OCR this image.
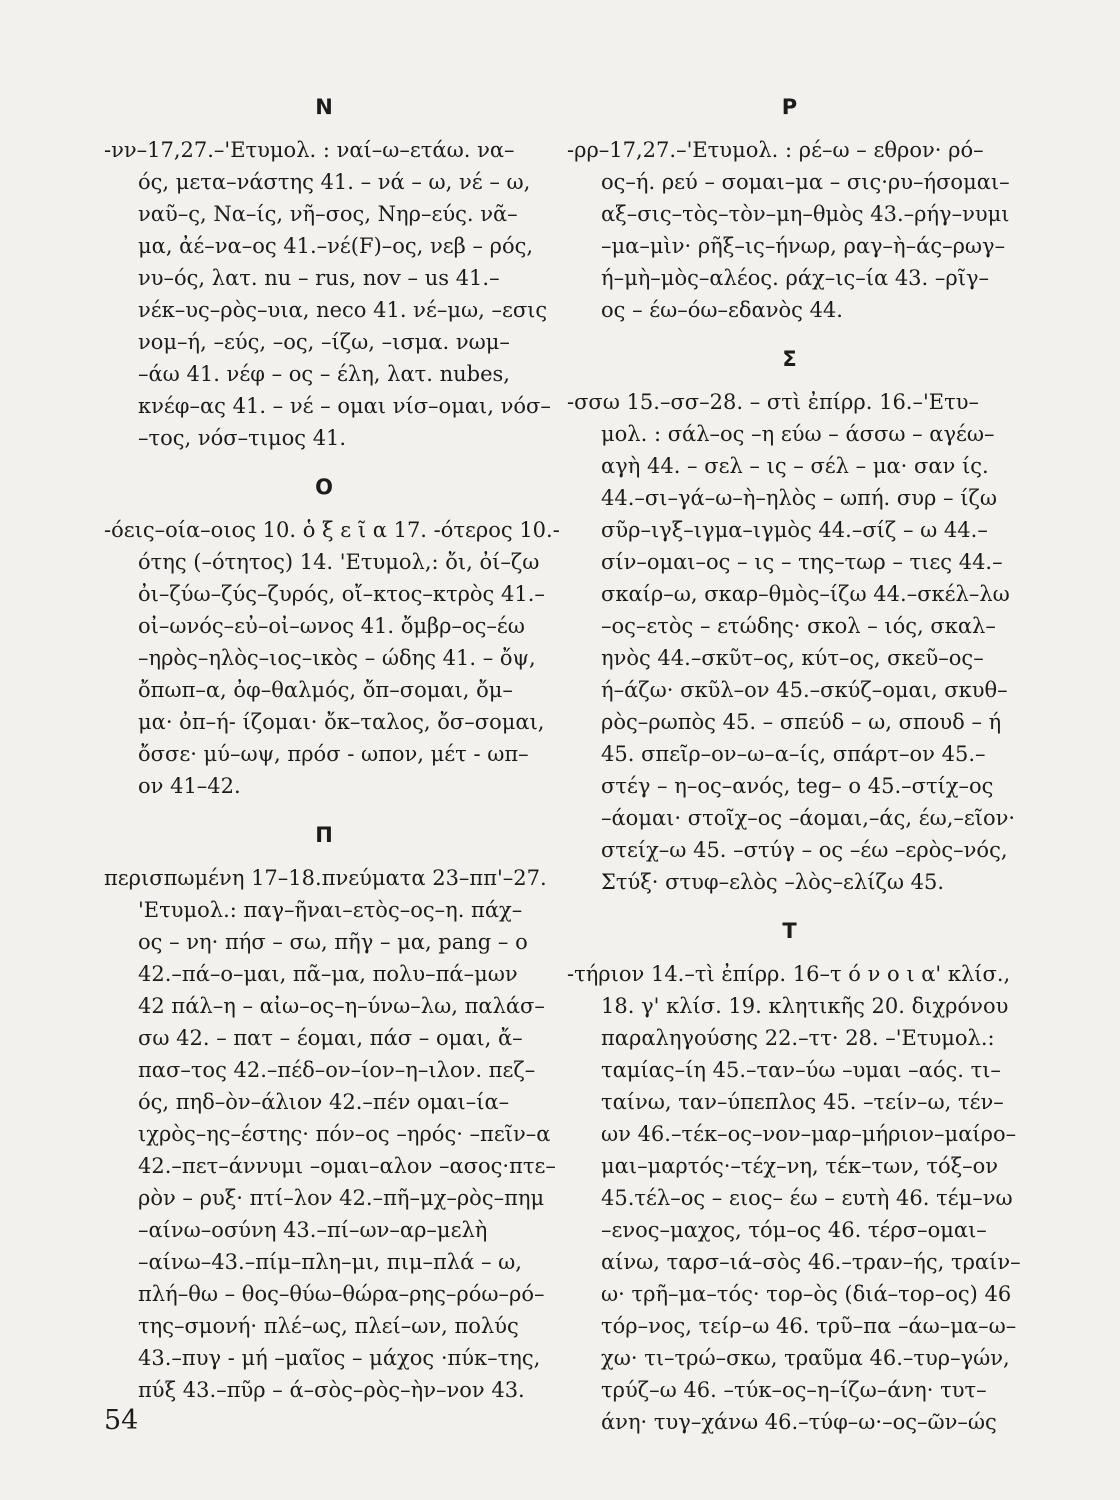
Ν
-νν–17,27.–'Ετυμολ. : ναί–ω–ετάω. να–
ός, μετα–νάστης 41. – νά – ω, νέ – ω,
ναῦ–ς, Να–ίς, νῆ–σος, Νηρ–εύς. νᾶ–
μα, ἀέ–να–ος 41.–νέ(F)–ος, νεβ – ρός,
νυ–ός, λατ. nu – rus, nov – us 41.–
νέκ–υς–ρὸς–υια, neco 41. νέ–μω, –εσις
νομ–ή, –εύς, –ος, –ίζω, –ισμα. νωμ–
–άω 41. νέφ – ος – έλη, λατ. nubes,
κνέφ–ας 41. – νέ – ομαι νίσ–ομαι, νόσ–
–τος, νόσ–τιμος 41.
Ο
-όεις–οία–οιος 10. ὁ ξ ε ῖ α 17. -ότερος 10.-
ότης (–ότητος) 14. 'Ετυμολ,: ὄι, ὀί–ζω
ὀι–ζύω–ζύς–ζυρός, οἴ–κτος–κτρὸς 41.–
οἰ–ωνός–εὐ–οἰ–ωνος 41. ὄμβρ–ος–έω
–ηρὸς–ηλὸς–ιος–ικὸς – ώδης 41. – ὄψ,
ὄπωπ–α, ὀφ–θαλμός, ὄπ–σομαι, ὄμ–
μα· ὀπ–ή- ίζομαι· ὄκ–ταλος, ὄσ–σομαι,
ὄσσε· μύ–ωψ, πρόσ - ωπον, μέτ - ωπ–
ον 41–42.
Π
περισπωμένη 17–18.πνεύματα 23–ππ'–27.
'Ετυμολ.: παγ–ῆναι–ετὸς–ος–η. πάχ–
ος – νη· πήσ – σω, πῆγ – μα, pang – o
42.–πά–ο–μαι, πᾶ–μα, πολυ–πά–μων
42 πάλ–η – αἰω–ος–η–ύνω–λω, παλάσ–
σω 42. – πατ – έομαι, πάσ – ομαι, ἄ–
πασ–τος 42.–πέδ–ον–ίον–η–ιλον. πεζ–
ός, πηδ–ὸν–άλιον 42.–πέν ομαι–ία–
ιχρὸς–ης–έστης· πόν–ος –ηρός· –πεῖν–α
42.–πετ–άννυμι –ομαι–αλον –ασος·πτε–
ρὸν – ρυξ· πτί–λον 42.–πῆ–μχ–ρὸς–πημ
–αίνω–οσύνη 43.–πί–ων–αρ–μελὴ
–αίνω–43.–πίμ–πλη–μι, πιμ–πλά – ω,
πλή–θω – θος–θύω–θώρα–ρης–ρόω–ρό–
της–σμονή· πλέ–ως, πλεί–ων, πολύς
43.–πυγ - μή –μαῖος – μάχος ·πύκ–της,
πύξ 43.–πῦρ – ά–σὸς–ρὸς–ὴν–νον 43.
Ρ
-ρρ–17,27.–'Ετυμολ. : ρέ–ω – εθρον· ρό–
ος–ή. ρεύ – σομαι–μα – σις·ρυ–ήσομαι–
αξ–σις–τὸς–τὸν–μη–θμὸς 43.–ρήγ–νυμι
–μα–μὶν· ρῆξ–ις–ήνωρ, ραγ–ὴ–άς–ρωγ–
ή–μὴ–μὸς–αλέος. ράχ–ις–ία 43. –ρῖγ–
ος – έω–όω–εδανὸς 44.
Σ
-σσω 15.–σσ–28. – στὶ ἐπίρρ. 16.–'Ετυ–
μολ. : σάλ–ος –η εύω – άσσω – αγέω–
αγὴ 44. – σελ – ις – σέλ – μα· σαν ίς.
44.–σι–γά–ω–ὴ–ηλὸς – ωπή. συρ – ίζω
σῦρ–ιγξ–ιγμα–ιγμὸς 44.–σίζ – ω 44.–
σίν–ομαι–ος – ις – της–τωρ – τιες 44.–
σκαίρ–ω, σκαρ–θμὸς–ίζω 44.–σκέλ–λω
–ος–ετὸς – ετώδης· σκολ – ιός, σκαλ–
ηνὸς 44.–σκῦτ–ος, κύτ–ος, σκεῦ–ος–
ή–άζω· σκῦλ–ον 45.–σκύζ–ομαι, σκυθ–
ρὸς–ρωπὸς 45. – σπεύδ – ω, σπουδ – ή
45. σπεῖρ–ον–ω–α–ίς, σπάρτ–ον 45.–
στέγ – η–ος–ανός, teg– o 45.–στίχ–ος
–άομαι· στοῖχ–ος –άομαι,–άς, έω,–εῖον·
στείχ–ω 45. –στύγ – ος –έω –ερὸς–νός,
Στύξ· στυφ–ελὸς –λὸς–ελίζω 45.
Τ
-τήριον 14.–τὶ ἐπίρρ. 16–τ ό ν ο ι α' κλίσ.,
18. γ' κλίσ. 19. κλητικῆς 20. διχρόνου
παραληγούσης 22.–ττ· 28. –'Ετυμολ.:
ταμίας–ίη 45.–ταν–ύω –υμαι –αός. τι–
ταίνω, ταν–ύπεπλος 45. –τείν–ω, τέν–
ων 46.–τέκ–ος–νον–μαρ–μήριον–μαίρο–
μαι–μαρτός·–τέχ–νη, τέκ–των, τόξ–ον
45.τέλ–ος – ειος– έω – ευτὴ 46. τέμ–νω
–ενος–μαχος, τόμ–ος 46. τέρσ–ομαι–
αίνω, ταρσ–ιά–σὸς 46.–τραν–ής, τραίν–
ω· τρῆ–μα–τός· τορ–ὸς (διά–τορ–ος) 46
τόρ–νος, τείρ–ω 46. τρῦ–πα –άω–μα–ω–
χω· τι–τρώ–σκω, τραῦμα 46.–τυρ–γών,
τρύζ–ω 46. –τύκ–ος–η–ίζω–άνη· τυτ–
άνη· τυγ–χάνω 46.–τύφ–ω·–ος–ῶν–ώς
54
